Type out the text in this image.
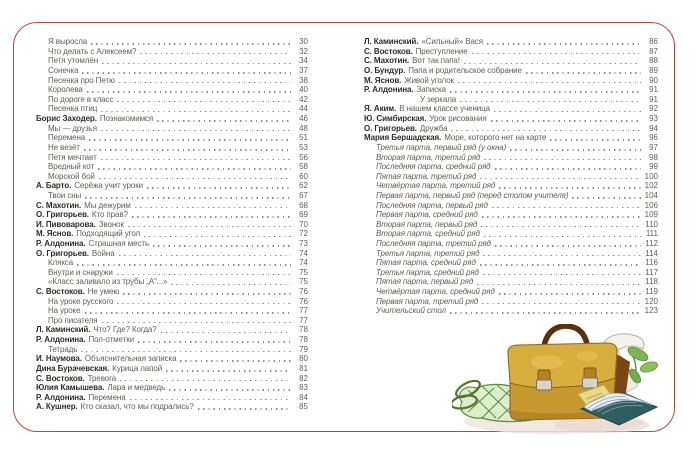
Я выросла	30
Что делать с Алексеем?	32
Петя утомлён	34
Сонечка	37
Песенка про Петю	38
Королева	40
По дороге в класс	42
Песенка птиц	44
Борис Заходер. Познакомимся	46
Мы — друзья	48
Перемена	51
Не везёт	53
Петя мечтает	56
Вредный кот	58
Морской бой	60
А. Барто. Серёжа учит уроки	62
Твои сны	67
С. Махотин. Мы дежурим	68
О. Григорьев. Кто прав?	69
И. Пивоварова. Звонок	70
М. Яснов. Подходящий угол	72
Р. Алдонина. Страшная месть	73
О. Григорьев. Война	74
Клякса	74
Внутри и снаружи	75
«Класс заливало из трубы „А“...»	75
С. Востоков. Не умею	76
На уроке русского	76
На уроке	77
Про писателя	77
Л. Каминский. Что? Где? Когда?	78
Р. Алдонина. Пол-отметки	78
Тетрадь	79
И. Наумова. Объяснительная записка	80
Дина Бурачевская. Курица лапой	81
С. Востоков. Тревога	82
Юлия Камышева. Лара и медведь	83
Р. Алдонина. Перемена	84
А. Кушнер. Кто сказал, что мы подрались?	85
Л. Каминский. «Сильный» Вася	86
С. Востоков. Преступление	87
С. Махотин. Вот так папа!	88
О. Бундур. Папа и родительское собрание	89
М. Яснов. Живой уголок	90
Р. Алдонина. Записка	91
У зеркала	91
Я. Аким. В нашем классе ученица	92
Ю. Симбирская. Урок рисования	93
О. Григорьев. Дружба	94
Мария Бершадская. Море, которого нет на карте	96
Третья парта, первый ряд (у окна)	97
Вторая парта, третий ряд	98
Последняя парта, средний ряд	99
Пятая парта, третий ряд	100
Четвёртая парта, третий ряд	102
Первая парта, первый ряд (перед столом учителя)	104
Последняя парта, первый ряд	106
Первая парта, средний ряд	109
Вторая парта, первый ряд	110
Вторая парта, средний ряд	111
Последняя парта, третий ряд	112
Третья парта, третий ряд	114
Пятая парта, средний ряд	116
Третья парта, средний ряд	117
Пятая парта, первый ряд	118
Четвёртая парта, средний ряд	119
Первая парта, третий ряд	120
Учительский стол	123
